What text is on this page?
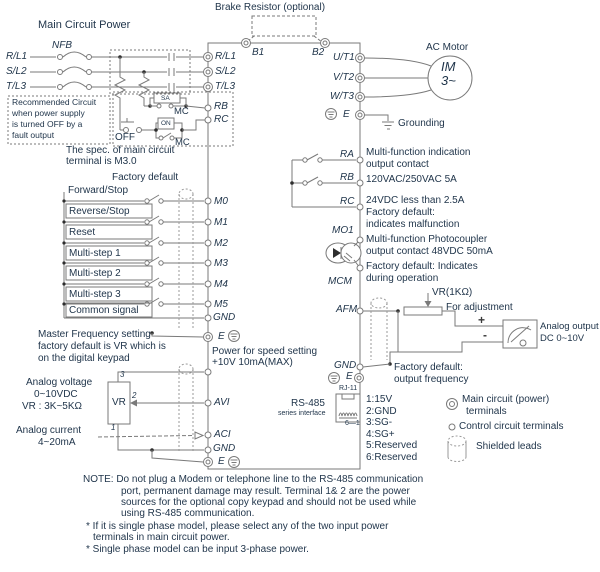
Brake Resistor (optional)
Main Circuit Power
NFB
R/L1
S/L2
T/L3
R/L1
S/L2
T/L3
B1	B2	AC Motor
IM
3~
U/T1
V/T2
W/T3
E
Grounding
Recommended Circuit
when power supply
is turned OFF by a
fault output
SA
OFF
ON
MC
MC
RB
RC
The spec. of main circuit
terminal is M3.0
Factory default
Forward/Stop
Reverse/Stop
Reset
Multi-step 1
Multi-step 2
Multi-step 3
Common signal
M0
M1
M2
M3
M4
M5
GND
E
Master Frequency setting
factory default is VR which is
on the digital keypad
Power for speed setting
+10V 10mA(MAX)
3
2
1
VR
Analog voltage
0~10VDC
VR : 3K~5KΩ
Analog current
4~20mA
AVI
ACI
GND
E
RA
RB
RC
MO1
MCM
AFM
GND
E
Multi-function indication
output contact
120VAC/250VAC 5A
24VDC less than 2.5A
Factory default:
indicates malfunction
Multi-function Photocoupler
output contact 48VDC 50mA
Factory default: Indicates
during operation
VR(1KΩ)
For adjustment
+
-
Analog output
DC 0~10V
Factory default:
output frequency
RJ-11
RS-485
series interface
6—1
1:15V
2:GND
3:SG-
4:SG+
5:Reserved
6:Reserved
Main circuit (power)
terminals
Control circuit terminals
Shielded leads
NOTE: Do not plug a Modem or telephone line to the RS-485 communication
port, permanent damage may result. Terminal 1& 2 are the power
sources for the optional copy keypad and should not be used while
using RS-485 communication.
* If it is single phase model, please select any of the two input power
terminals in main circuit power.
* Single phase model can be input 3-phase power.
